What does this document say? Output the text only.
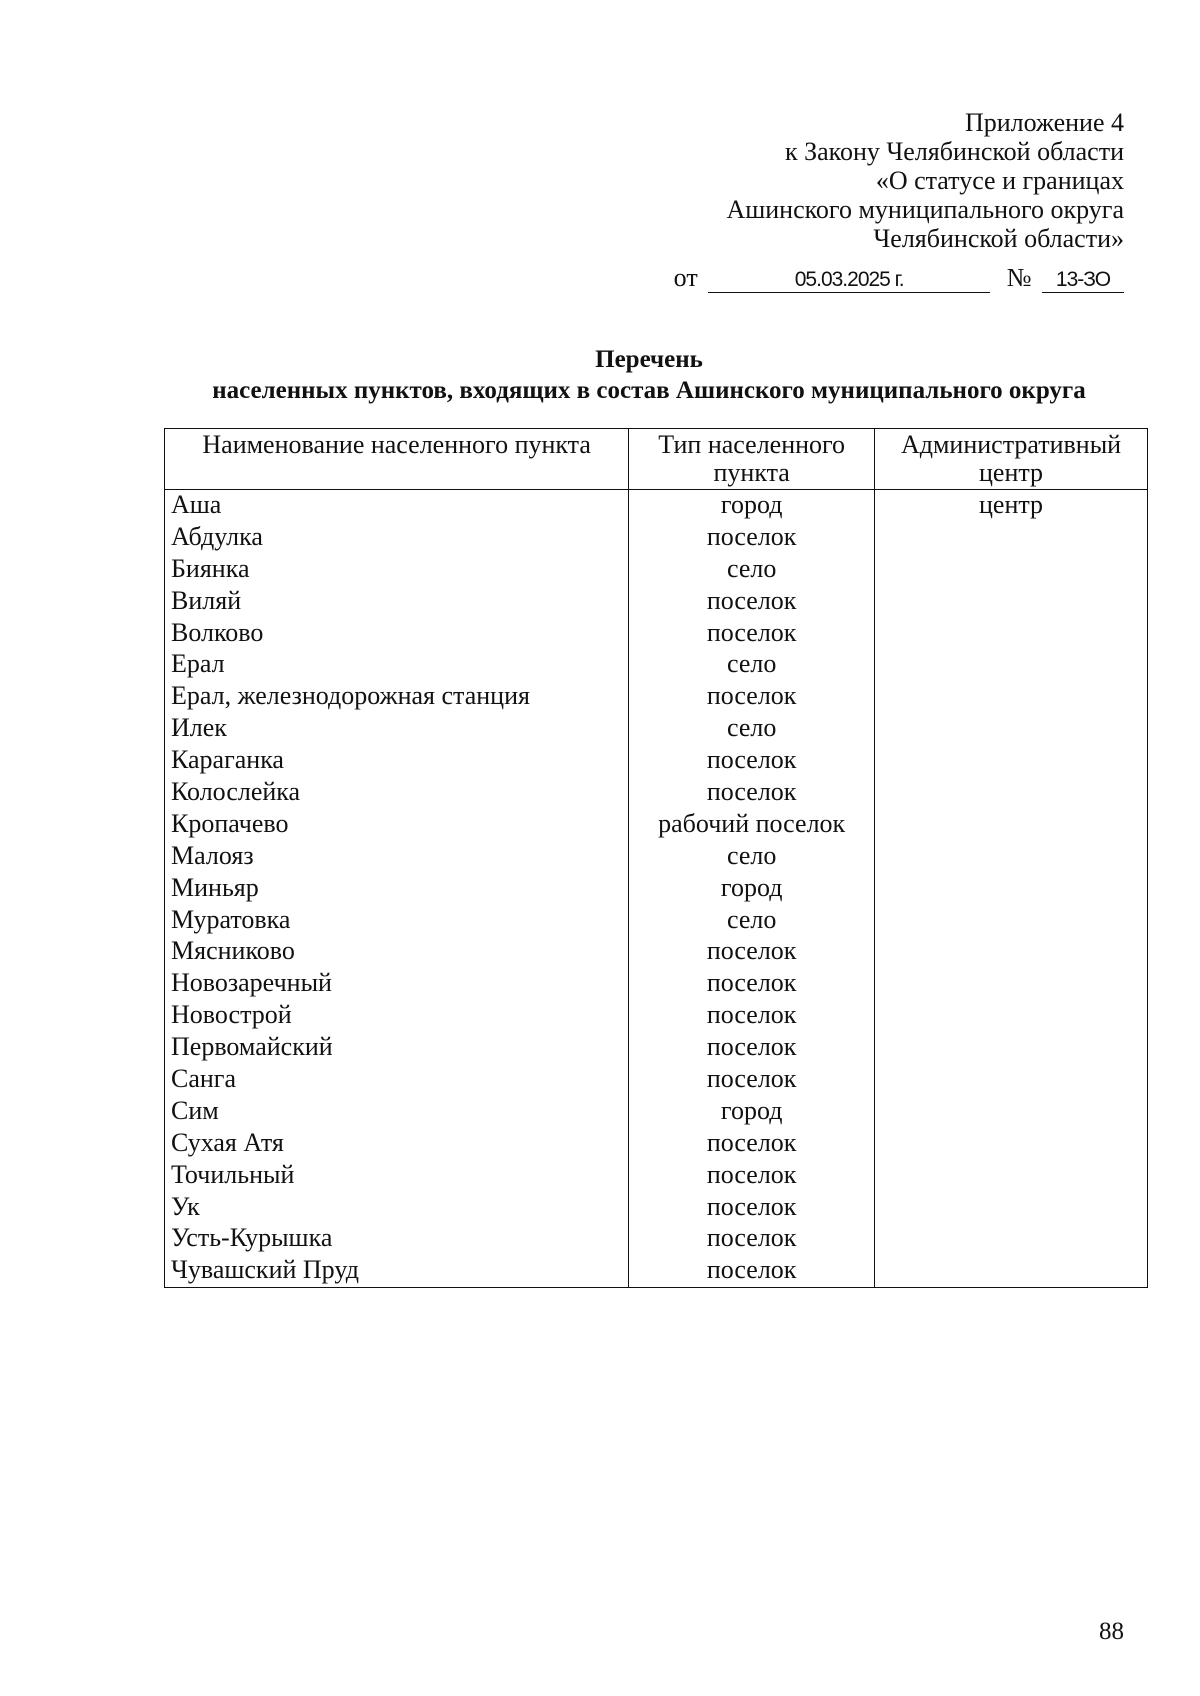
Приложение 4
к Закону Челябинской области
«О статусе и границах
Ашинского муниципального округа
Челябинской области»
от	05.03.2025 г.	№ 13-ЗО
Перечень
населенных пунктов, входящих в состав Ашинского муниципального округа
Наименование населенного пункта	Тип населенного пункта	Административный центр
Аша	город	центр
Абдулка	поселок	
Биянка	село	
Виляй	поселок	
Волково	поселок	
Ерал	село	
Ерал, железнодорожная станция	поселок	
Илек	село	
Караганка	поселок	
Колослейка	поселок	
Кропачево	рабочий поселок	
Малояз	село	
Миньяр	город	
Муратовка	село	
Мясниково	поселок	
Новозаречный	поселок	
Новострой	поселок	
Первомайский	поселок	
Санга	поселок	
Сим	город	
Сухая Атя	поселок	
Точильный	поселок	
Ук	поселок	
Усть-Курышка	поселок	
Чувашский Пруд	поселок	
88
